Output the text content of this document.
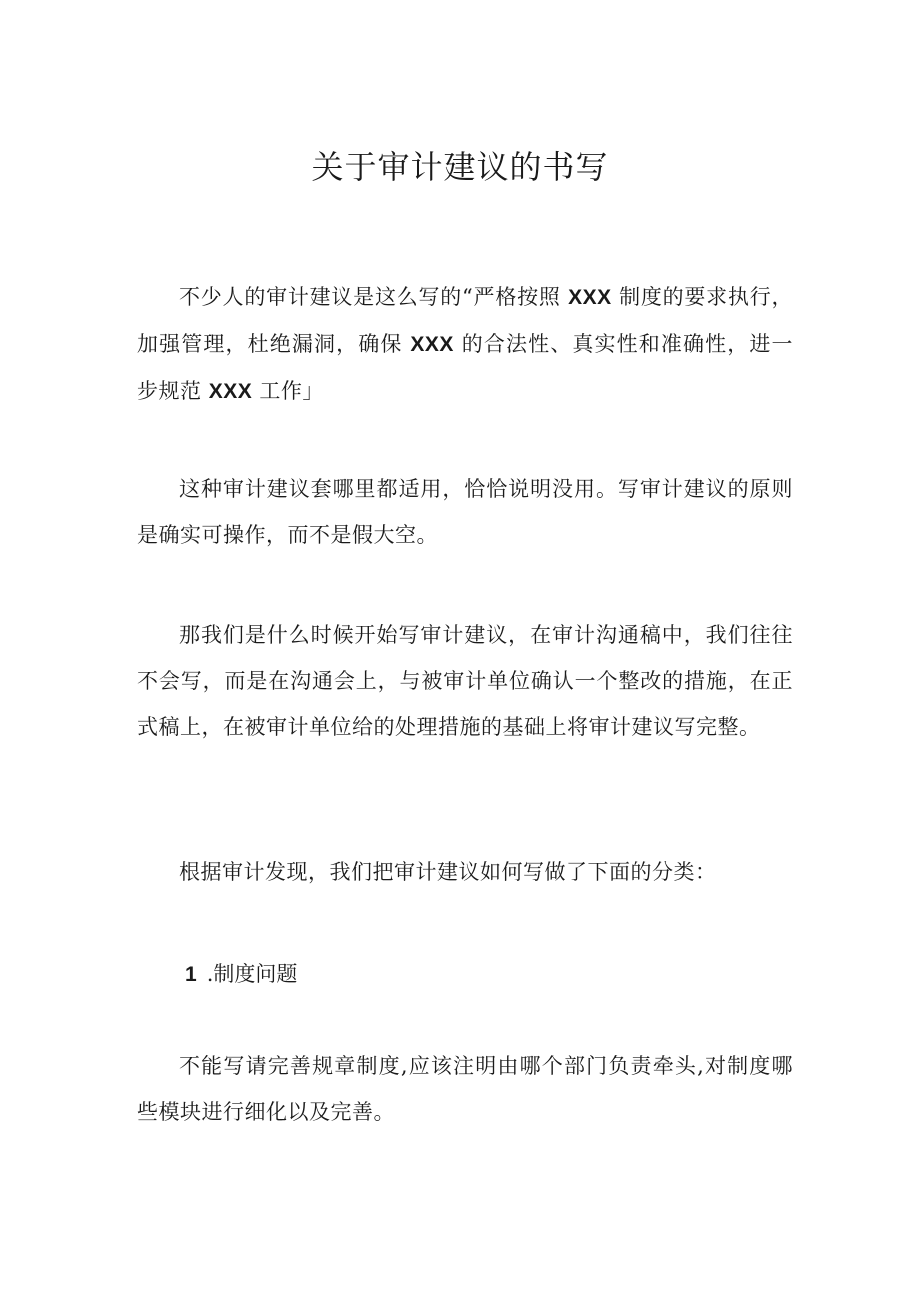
关于审计建议的书写

不少人的审计建议是这么写的“严格按照 XXX 制度的要求执行，加强管理，杜绝漏洞，确保 XXX 的合法性、真实性和准确性，进一步规范 XXX 工作」

这种审计建议套哪里都适用，恰恰说明没用。写审计建议的原则是确实可操作，而不是假大空。

那我们是什么时候开始写审计建议，在审计沟通稿中，我们往往不会写，而是在沟通会上，与被审计单位确认一个整改的措施，在正式稿上，在被审计单位给的处理措施的基础上将审计建议写完整。

根据审计发现，我们把审计建议如何写做了下面的分类：

1 .制度问题

不能写请完善规章制度,应该注明由哪个部门负责牵头,对制度哪些模块进行细化以及完善。
